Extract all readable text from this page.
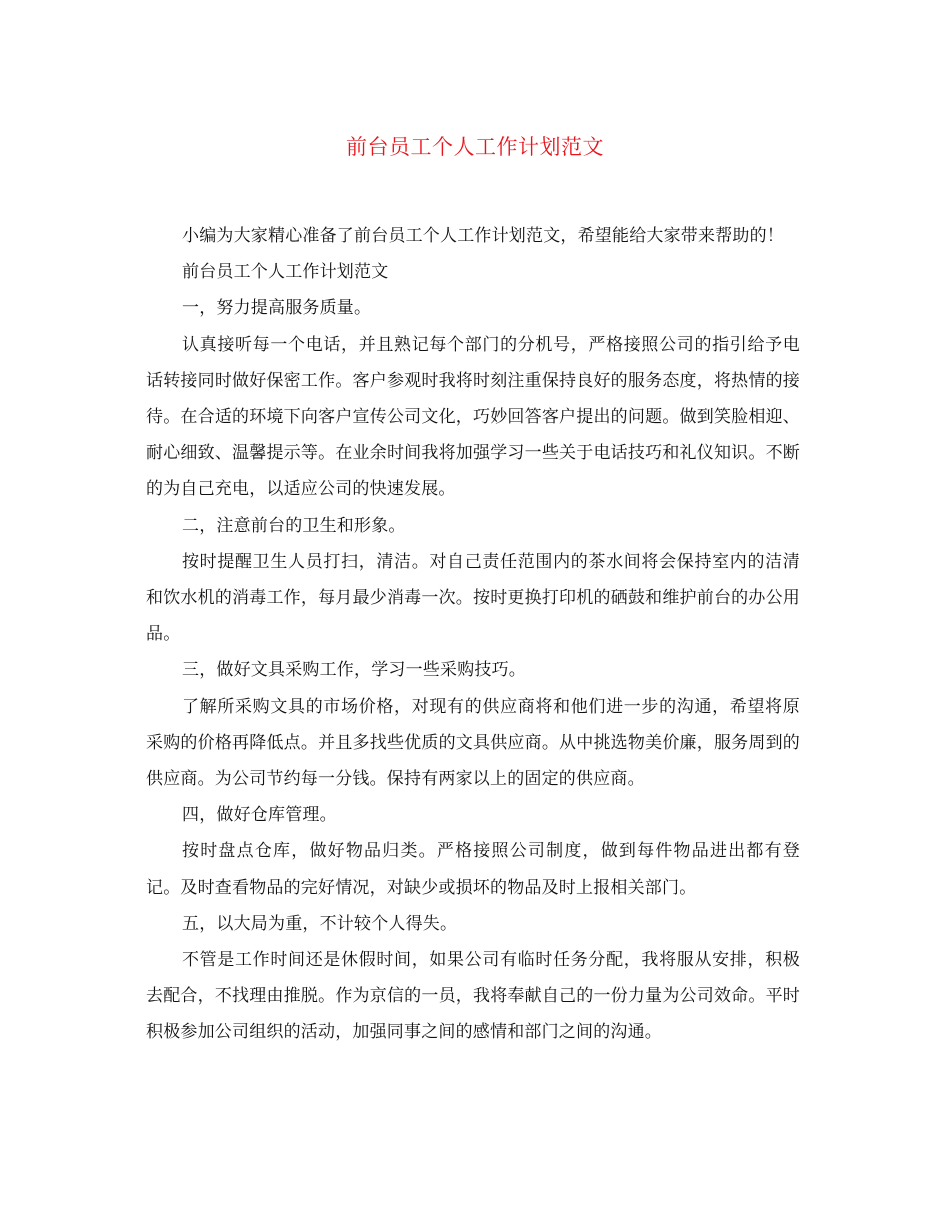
前台员工个人工作计划范文

小编为大家精心准备了前台员工个人工作计划范文，希望能给大家带来帮助的！

前台员工个人工作计划范文

一，努力提高服务质量。

认真接听每一个电话，并且熟记每个部门的分机号，严格接照公司的指引给予电话转接同时做好保密工作。客户参观时我将时刻注重保持良好的服务态度，将热情的接待。在合适的环境下向客户宣传公司文化，巧妙回答客户提出的问题。做到笑脸相迎、耐心细致、温馨提示等。在业余时间我将加强学习一些关于电话技巧和礼仪知识。不断的为自己充电，以适应公司的快速发展。

二，注意前台的卫生和形象。

按时提醒卫生人员打扫，清洁。对自己责任范围内的茶水间将会保持室内的洁清和饮水机的消毒工作，每月最少消毒一次。按时更换打印机的硒鼓和维护前台的办公用品。

三，做好文具采购工作，学习一些采购技巧。

了解所采购文具的市场价格，对现有的供应商将和他们进一步的沟通，希望将原采购的价格再降低点。并且多找些优质的文具供应商。从中挑选物美价廉，服务周到的供应商。为公司节约每一分钱。保持有两家以上的固定的供应商。

四，做好仓库管理。

按时盘点仓库，做好物品归类。严格接照公司制度，做到每件物品进出都有登记。及时查看物品的完好情况，对缺少或损坏的物品及时上报相关部门。

五，以大局为重，不计较个人得失。

不管是工作时间还是休假时间，如果公司有临时任务分配，我将服从安排，积极去配合，不找理由推脱。作为京信的一员，我将奉献自己的一份力量为公司效命。平时积极参加公司组织的活动，加强同事之间的感情和部门之间的沟通。
